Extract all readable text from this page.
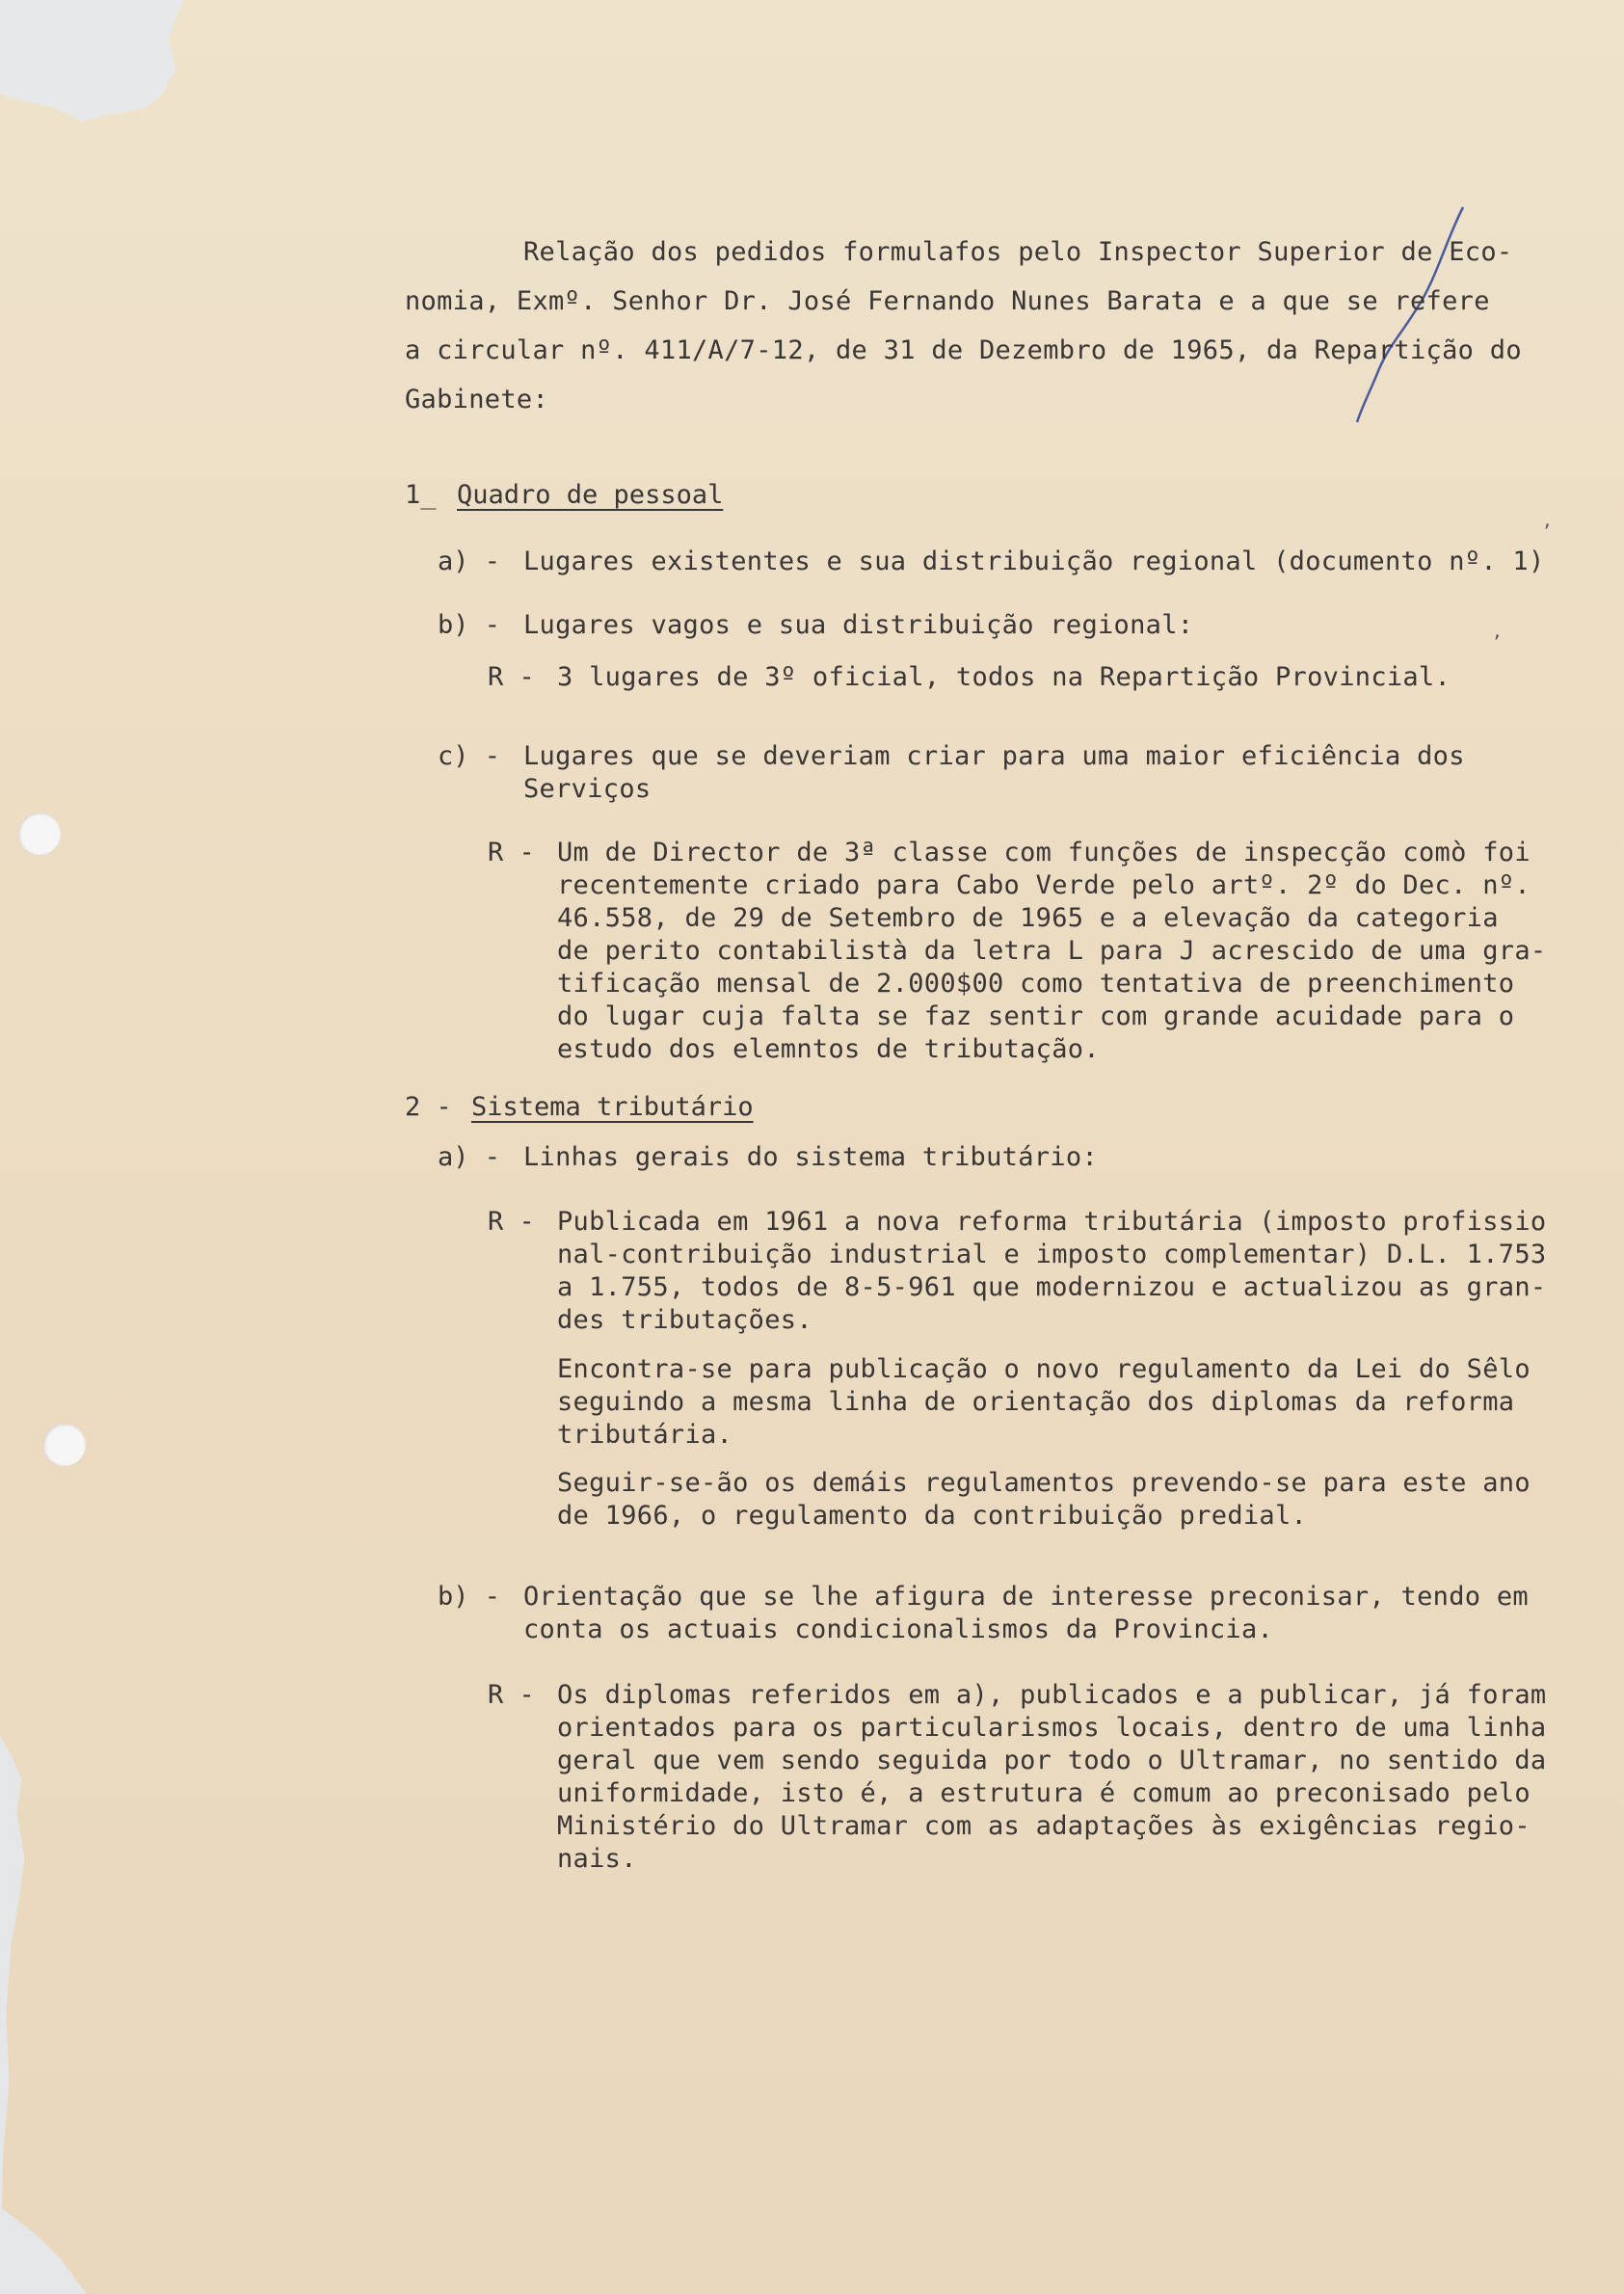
,
,

Relação dos pedidos formulafos pelo Inspector Superior de Eco-

nomia, Exmº. Senhor Dr. José Fernando Nunes Barata e a que se refere

a circular nº. 411/A/7-12, de 31 de Dezembro de 1965, da Repartição do

Gabinete:

1_ Quadro de pessoal
a) - Lugares existentes e sua distribuição regional (documento nº. 1)
b) - Lugares vagos e sua distribuição regional:
R - 3 lugares de 3º oficial, todos na Repartição Provincial.
c) - Lugares que se deveriam criar para uma maior eficiência dos
Serviços
R - Um de Director de 3ª classe com funções de inspecção comò foi
recentemente criado para Cabo Verde pelo artº. 2º do Dec. nº.
46.558, de 29 de Setembro de 1965 e a elevação da categoria
de perito contabilistà da letra L para J acrescido de uma gra-
tificação mensal de 2.000$00 como tentativa de preenchimento
do lugar cuja falta se faz sentir com grande acuidade para o
estudo dos elemntos de tributação.
2 - Sistema tributário
a) - Linhas gerais do sistema tributário:
R - Publicada em 1961 a nova reforma tributária (imposto profissio
nal-contribuição industrial e imposto complementar) D.L. 1.753
a 1.755, todos de 8-5-961 que modernizou e actualizou as gran-
des tributações.
Encontra-se para publicação o novo regulamento da Lei do Sêlo
seguindo a mesma linha de orientação dos diplomas da reforma
tributária.
Seguir-se-ão os demáis regulamentos prevendo-se para este ano
de 1966, o regulamento da contribuição predial.
b) - Orientação que se lhe afigura de interesse preconisar, tendo em
conta os actuais condicionalismos da Provincia.
R - Os diplomas referidos em a), publicados e a publicar, já foram
orientados para os particularismos locais, dentro de uma linha
geral que vem sendo seguida por todo o Ultramar, no sentido da
uniformidade, isto é, a estrutura é comum ao preconisado pelo
Ministério do Ultramar com as adaptações às exigências regio-
nais.
